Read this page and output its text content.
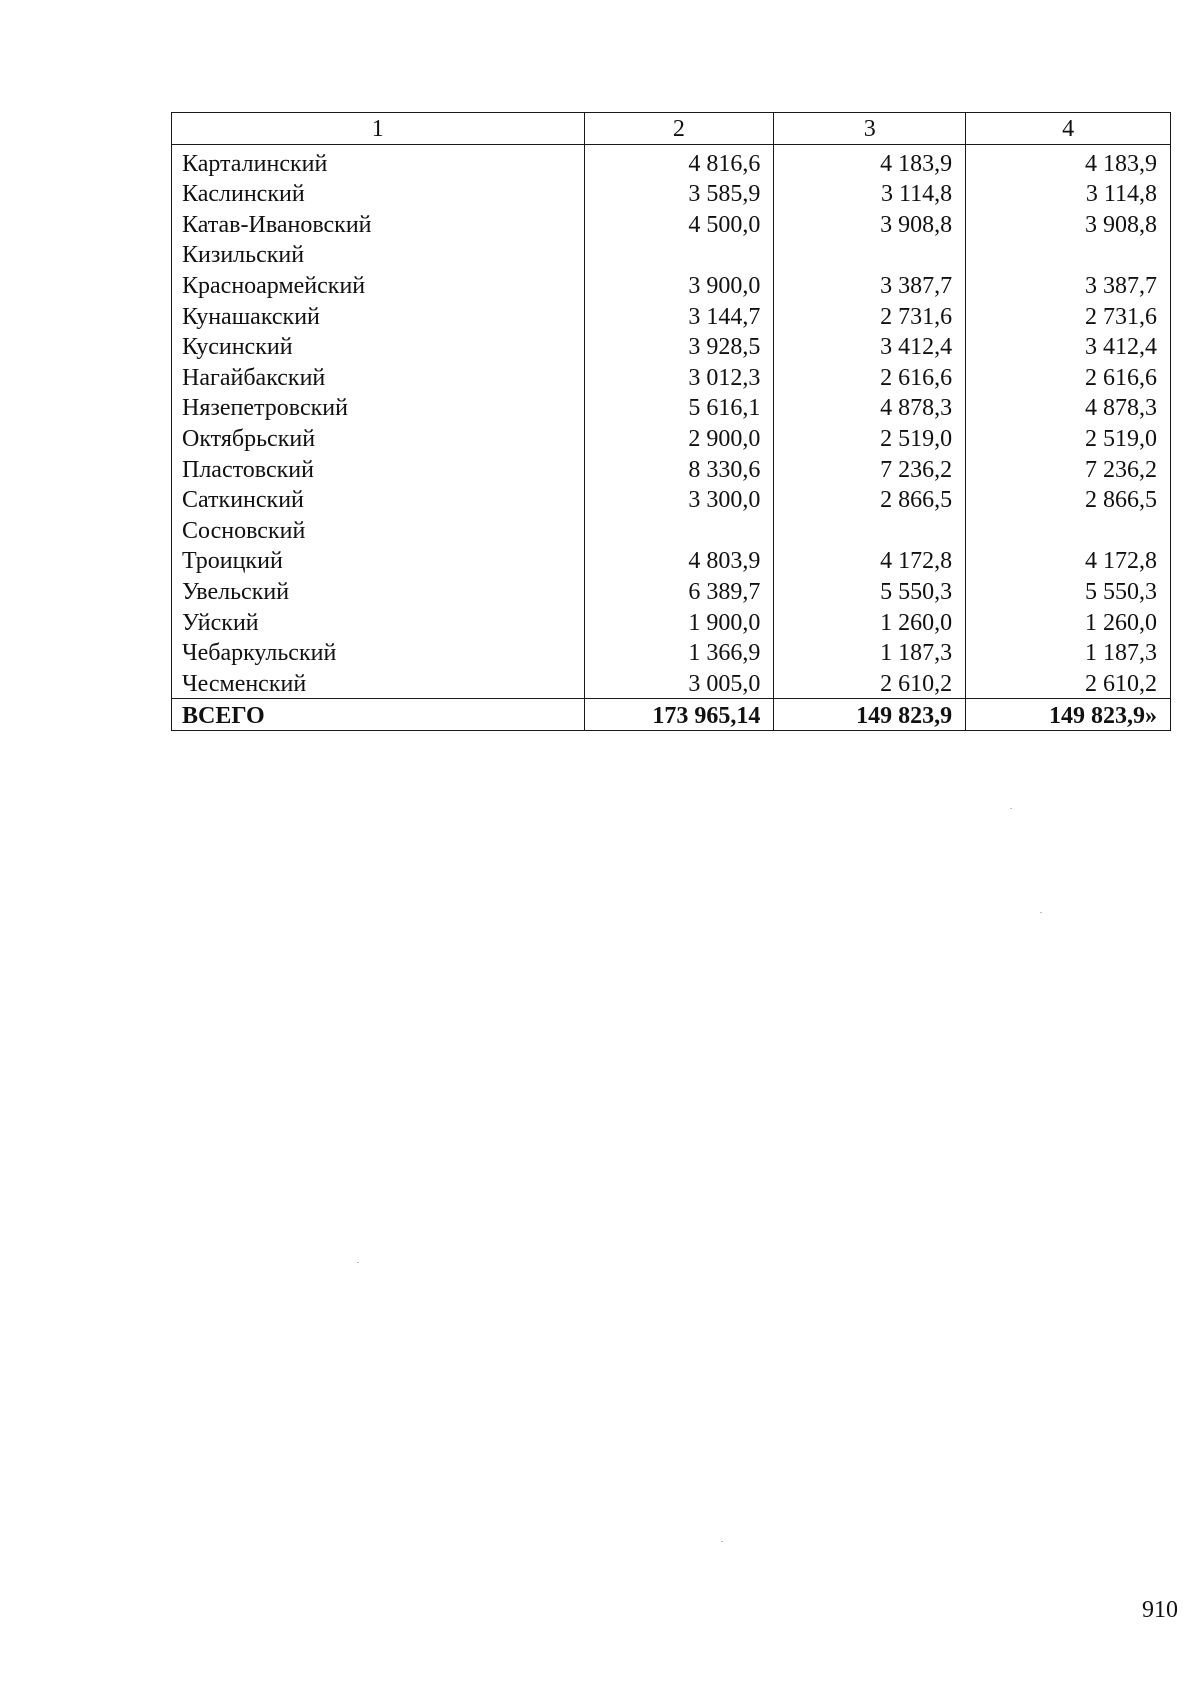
1	2	3	4
Карталинский	4 816,6	4 183,9	4 183,9
Каслинский	3 585,9	3 114,8	3 114,8
Катав-Ивановский	4 500,0	3 908,8	3 908,8
Кизильский			
Красноармейский	3 900,0	3 387,7	3 387,7
Кунашакский	3 144,7	2 731,6	2 731,6
Кусинский	3 928,5	3 412,4	3 412,4
Нагайбакский	3 012,3	2 616,6	2 616,6
Нязепетровский	5 616,1	4 878,3	4 878,3
Октябрьский	2 900,0	2 519,0	2 519,0
Пластовский	8 330,6	7 236,2	7 236,2
Саткинский	3 300,0	2 866,5	2 866,5
Сосновский			
Троицкий	4 803,9	4 172,8	4 172,8
Увельский	6 389,7	5 550,3	5 550,3
Уйский	1 900,0	1 260,0	1 260,0
Чебаркульский	1 366,9	1 187,3	1 187,3
Чесменский	3 005,0	2 610,2	2 610,2
ВСЕГО	173 965,14	149 823,9	149 823,9»
910
